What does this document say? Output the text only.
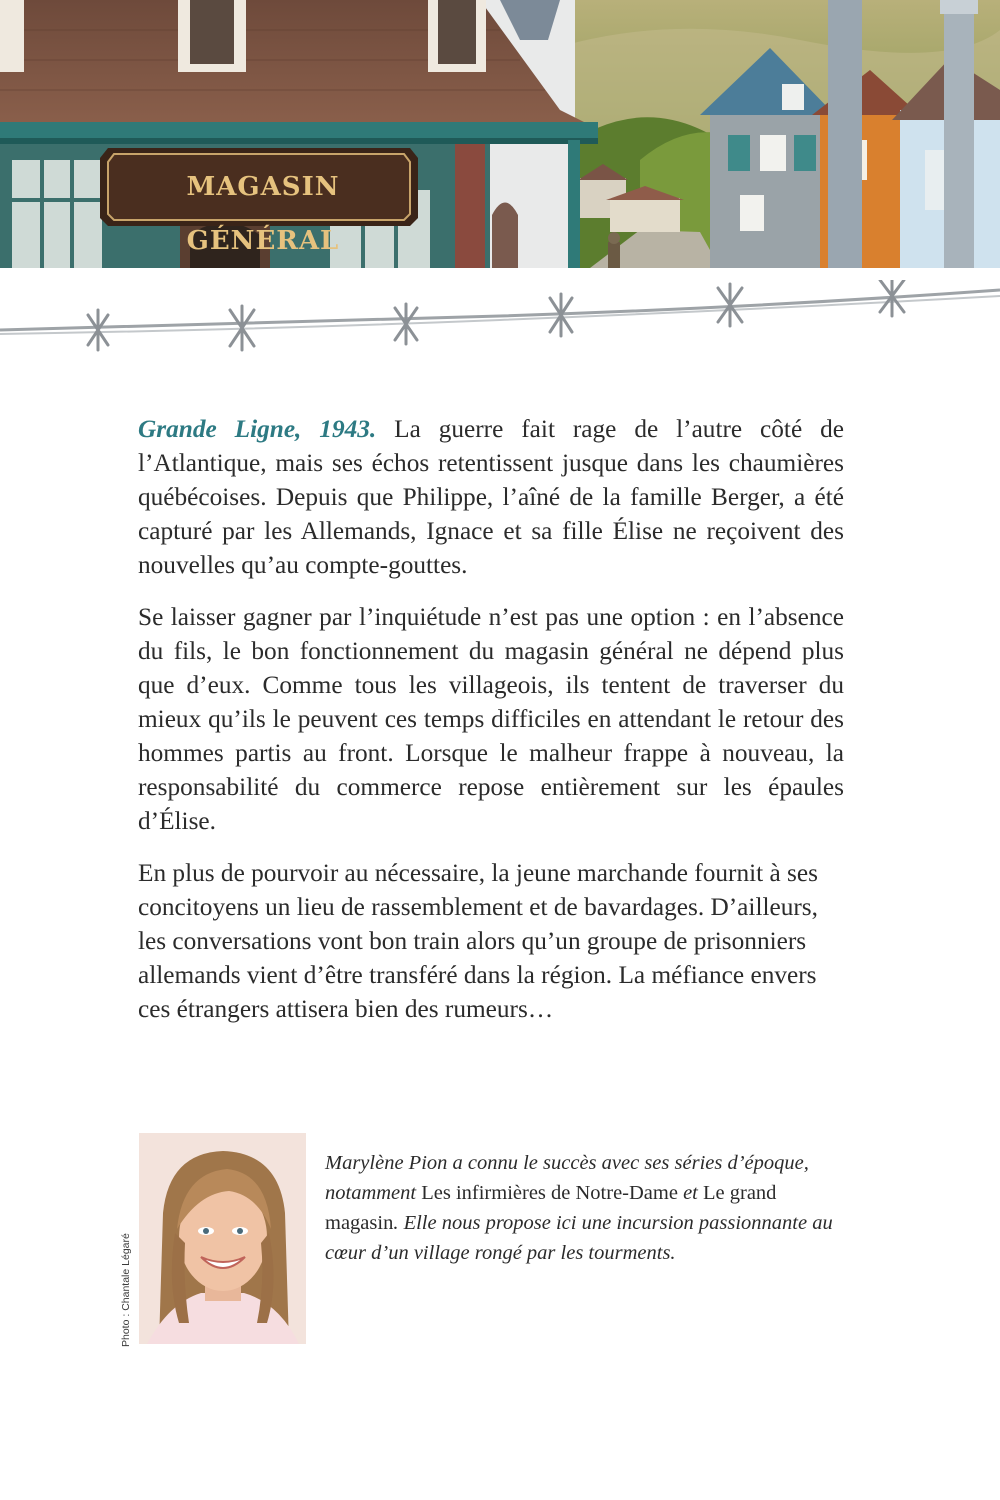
MAGASIN GÉNÉRAL

Grande Ligne, 1943. La guerre fait rage de l’autre côté de l’Atlantique, mais ses échos retentissent jusque dans les chaumières québécoises. Depuis que Philippe, l’aîné de la famille Berger, a été capturé par les Allemands, Ignace et sa fille Élise ne reçoivent des nouvelles qu’au compte-gouttes.

Se laisser gagner par l’inquiétude n’est pas une option : en l’absence du fils, le bon fonctionnement du magasin général ne dépend plus que d’eux. Comme tous les villageois, ils tentent de traverser du mieux qu’ils le peuvent ces temps difficiles en attendant le retour des hommes partis au front. Lorsque le malheur frappe à nouveau, la responsabilité du commerce repose entièrement sur les épaules d’Élise.

En plus de pourvoir au nécessaire, la jeune marchande fournit à ses concitoyens un lieu de rassemblement et de bavardages. D’ailleurs, les conversations vont bon train alors qu’un groupe de prisonniers allemands vient d’être transféré dans la région. La méfiance envers ces étrangers attisera bien des rumeurs…

Photo : Chantale Légaré
Marylène Pion a connu le succès avec ses séries d’époque, notamment Les infirmières de Notre-Dame et Le grand magasin. Elle nous propose ici une incursion passionnante au cœur d’un village rongé par les tourments.
